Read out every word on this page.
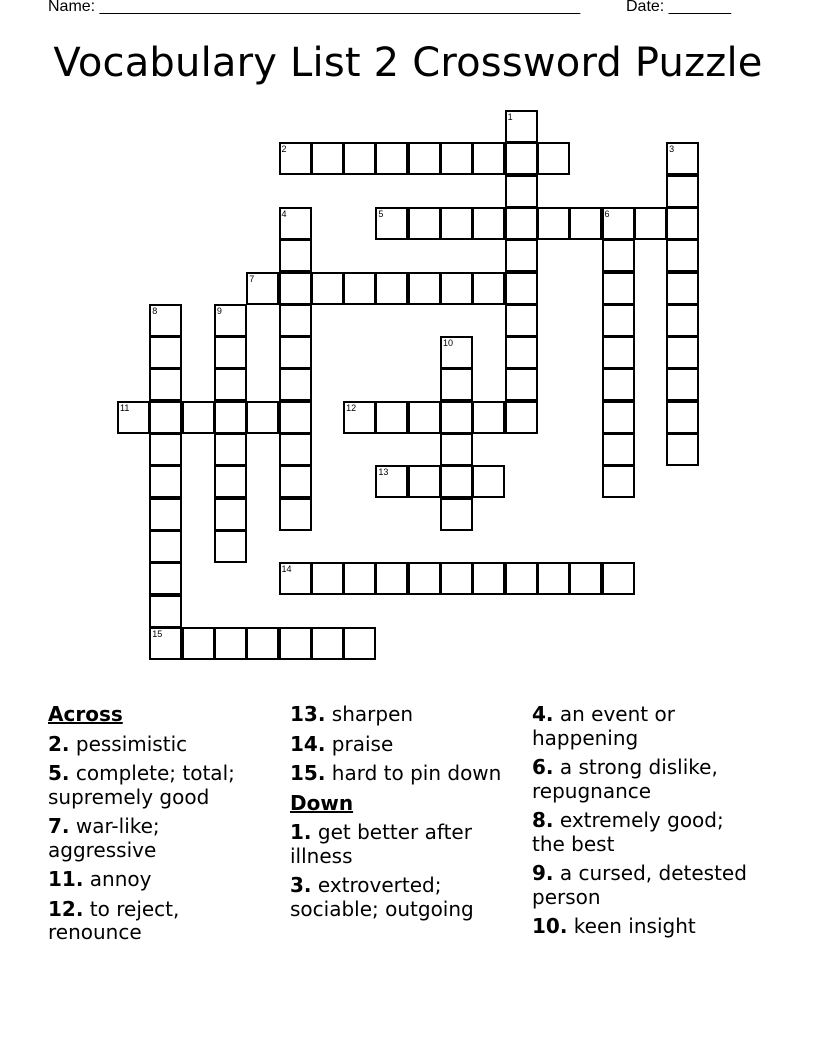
Name: ______________________________________________________	Date: _______
Vocabulary List 2 Crossword Puzzle
2
5
7
11	12
13
14
15
1
3
4	6
8	9
10
Across
2. pessimistic
5. complete; total; supremely good
7. war-like; aggressive
11. annoy
12. to reject, renounce
13. sharpen
14. praise
15. hard to pin down
Down
1. get better after illness
3. extroverted; sociable; outgoing
4. an event or happening
6. a strong dislike, repugnance
8. extremely good; the best
9. a cursed, detested person
10. keen insight
